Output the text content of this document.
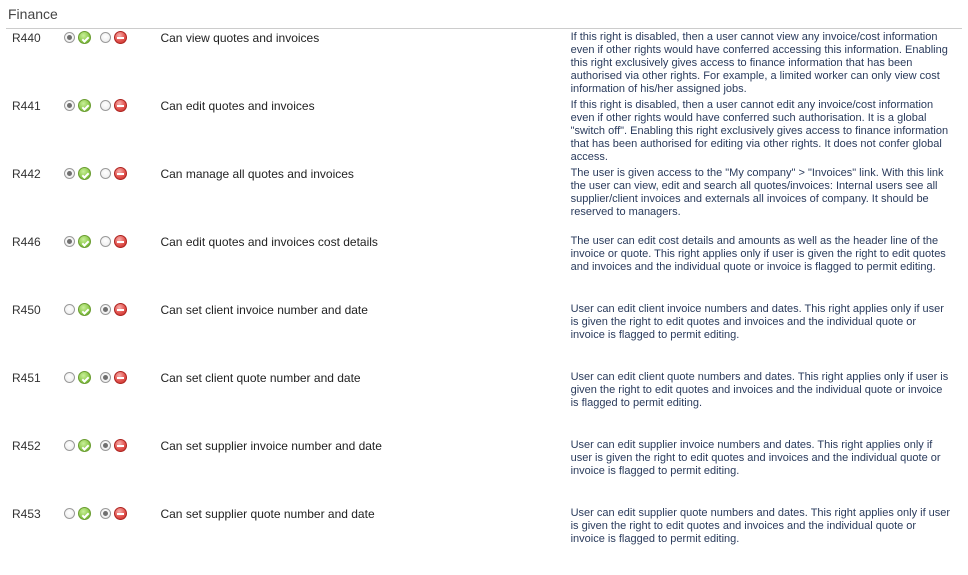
Finance
R440		Can view quotes and invoices	If this right is disabled, then a user cannot view any invoice/cost information even if other rights would have conferred accessing this information. Enabling this right exclusively gives access to finance information that has been authorised via other rights. For example, a limited worker can only view cost information of his/her assigned jobs.

R441		Can edit quotes and invoices	If this right is disabled, then a user cannot edit any invoice/cost information even if other rights would have conferred such authorisation. It is a global "switch off". Enabling this right exclusively gives access to finance information that has been authorised for editing via other rights. It does not confer global access.

R442		Can manage all quotes and invoices	The user is given access to the "My company" > "Invoices" link. With this link the user can view, edit and search all quotes/invoices: Internal users see all supplier/client invoices and externals all invoices of company. It should be reserved to managers.

R446		Can edit quotes and invoices cost details	The user can edit cost details and amounts as well as the header line of the invoice or quote. This right applies only if user is given the right to edit quotes and invoices and the individual quote or invoice is flagged to permit editing.

R450		Can set client invoice number and date	User can edit client invoice numbers and dates. This right applies only if user is given the right to edit quotes and invoices and the individual quote or invoice is flagged to permit editing.

R451		Can set client quote number and date	User can edit client quote numbers and dates. This right applies only if user is given the right to edit quotes and invoices and the individual quote or invoice is flagged to permit editing.

R452		Can set supplier invoice number and date	User can edit supplier invoice numbers and dates. This right applies only if user is given the right to edit quotes and invoices and the individual quote or invoice is flagged to permit editing.

R453		Can set supplier quote number and date	User can edit supplier quote numbers and dates. This right applies only if user is given the right to edit quotes and invoices and the individual quote or invoice is flagged to permit editing.
